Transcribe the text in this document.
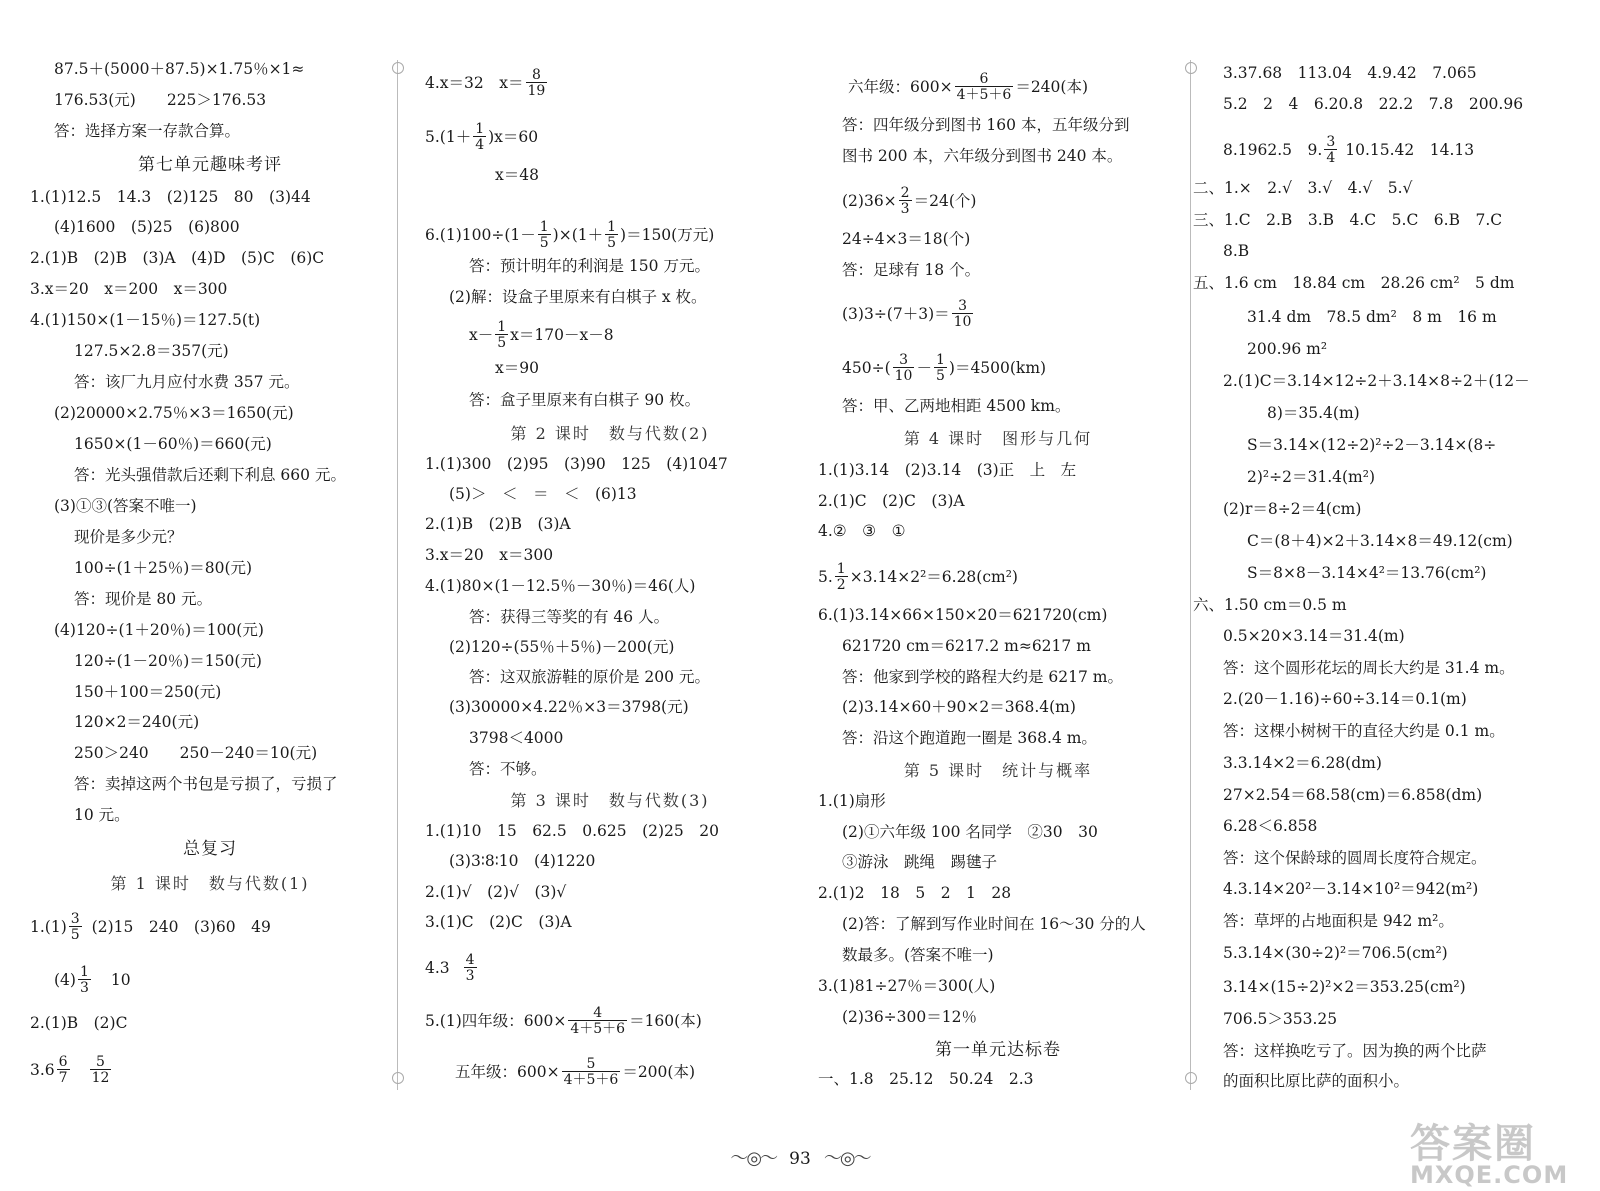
87.5＋(5000＋87.5)×1.75％×1≈
176.53(元)　　225＞176.53
答：选择方案一存款合算。
第七单元趣味考评
1.(1)12.5　14.3　(2)125　80　(3)44
(4)1600　(5)25　(6)800
2.(1)B　(2)B　(3)A　(4)D　(5)C　(6)C
3.x＝20　x＝200　x＝300
4.(1)150×(1－15％)＝127.5(t)
127.5×2.8＝357(元)
答：该厂九月应付水费 357 元。
(2)20000×2.75％×3＝1650(元)
1650×(1－60％)＝660(元)
答：光头强借款后还剩下利息 660 元。
(3)①③(答案不唯一)
现价是多少元？
100÷(1＋25％)＝80(元)
答：现价是 80 元。
(4)120÷(1＋20％)＝100(元)
120÷(1－20％)＝150(元)
150＋100＝250(元)
120×2＝240(元)
250＞240　　250－240＝10(元)
答：卖掉这两个书包是亏损了，亏损了
10 元。
总复习
第 1 课时　数与代数(1)
$1.(1) \frac{3}{5} (2)15$　240　(3)60　49
$(4) \frac{1}{3} 10$
2.(1)B　(2)C
$3.6 \frac{6}{7} \frac{5}{12}$
4.x＝32　$x= \frac{8}{19}$
$5.(1+ \frac{1}{4} )x=60$
x＝48
$6.(1)100\div(1- \frac{1}{5} )\times(1+ \frac{1}{5} )=150$(万元)
答：预计明年的利润是 150 万元。
(2)解：设盒子里原来有白棋子 x 枚。
$x- \frac{1}{5} x=170-x-8$
x＝90
答：盒子里原来有白棋子 90 枚。
第 2 课时　数与代数(2)
1.(1)300　(2)95　(3)90　125　(4)1047
(5)＞　＜　＝　＜　(6)13
2.(1)B　(2)B　(3)A
3.x＝20　x＝300
4.(1)80×(1－12.5％－30％)＝46(人)
答：获得三等奖的有 46 人。
(2)120÷(55％＋5％)－200(元)
答：这双旅游鞋的原价是 200 元。
(3)30000×4.22％×3＝3798(元)
3798＜4000
答：不够。
第 3 课时　数与代数(3)
1.(1)10　15　62.5　0.625　(2)25　20
(3)3∶8∶10　(4)1220
2.(1)√　(2)√　(3)√
3.(1)C　(2)C　(3)A
$4.3 \frac{4}{3}$
5.(1)四年级：$600\times \frac{4}{4+5+6} =160$(本)
五年级：$600\times \frac{5}{4+5+6} =200$(本)
六年级：$600\times \frac{6}{4+5+6} =240$(本)
答：四年级分到图书 160 本，五年级分到
图书 200 本，六年级分到图书 240 本。
$(2)36\times \frac{2}{3} =24$(个)
24÷4×3＝18(个)
答：足球有 18 个。
$(3)3\div(7+3)= \frac{3}{10}$
$450\div( \frac{3}{10} - \frac{1}{5} )=4500(km)$
答：甲、乙两地相距 4500 km。
第 4 课时　图形与几何
1.(1)3.14　(2)3.14　(3)正　上　左
2.(1)C　(2)C　(3)A
4.②　③　①
5. $\frac{1}{2} \times 3.14\times 2^2=6.28(cm^2)$
6.(1)3.14×66×150×20＝621720(cm)
621720 cm＝6217.2 m≈6217 m
答：他家到学校的路程大约是 6217 m。
(2)3.14×60＋90×2＝368.4(m)
答：沿这个跑道跑一圈是 368.4 m。
第 5 课时　统计与概率
1.(1)扇形
(2)①六年级 100 名同学　②30　30
③游泳　跳绳　踢毽子
2.(1)2　18　5　2　1　28
(2)答：了解到写作业时间在 16～30 分的人
数最多。(答案不唯一)
3.(1)81÷27％＝300(人)
(2)36÷300＝12％
第一单元达标卷
一、1.8　25.12　50.24　2.3
3.37.68　113.04　4.9.42　7.065
5.2　2　4　6.20.8　22.2　7.8　200.96
8.1962.5　9. $\frac{3}{4} 10.15.42$　14.13
二、1.×　2.√　3.√　4.√　5.√
三、1.C　2.B　3.B　4.C　5.C　6.B　7.C
8.B
五、1.6 cm　18.84 cm　28.26 cm²　5 dm
31.4 dm　78.5 dm²　8 m　16 m
200.96 m²
2.(1)C＝3.14×12÷2＋3.14×8÷2＋(12－
8)＝35.4(m)
S＝3.14×(12÷2)²÷2－3.14×(8÷
2)²÷2＝31.4(m²)
(2)r＝8÷2＝4(cm)
C＝(8＋4)×2＋3.14×8＝49.12(cm)
S＝8×8－3.14×4²＝13.76(cm²)
六、1.50 cm＝0.5 m
0.5×20×3.14＝31.4(m)
答：这个圆形花坛的周长大约是 31.4 m。
2.(20－1.16)÷60÷3.14＝0.1(m)
答：这棵小树树干的直径大约是 0.1 m。
3.3.14×2＝6.28(dm)
27×2.54＝68.58(cm)＝6.858(dm)
6.28＜6.858
答：这个保龄球的圆周长度符合规定。
4.3.14×20²－3.14×10²＝942(m²)
答：草坪的占地面积是 942 m²。
5.3.14×(30÷2)²＝706.5(cm²)
3.14×(15÷2)²×2＝353.25(cm²)
706.5＞353.25
答：这样换吃亏了。因为换的两个比萨
的面积比原比萨的面积小。
〜◎〜 93 〜◎〜	答案圈
MXQE.COM
